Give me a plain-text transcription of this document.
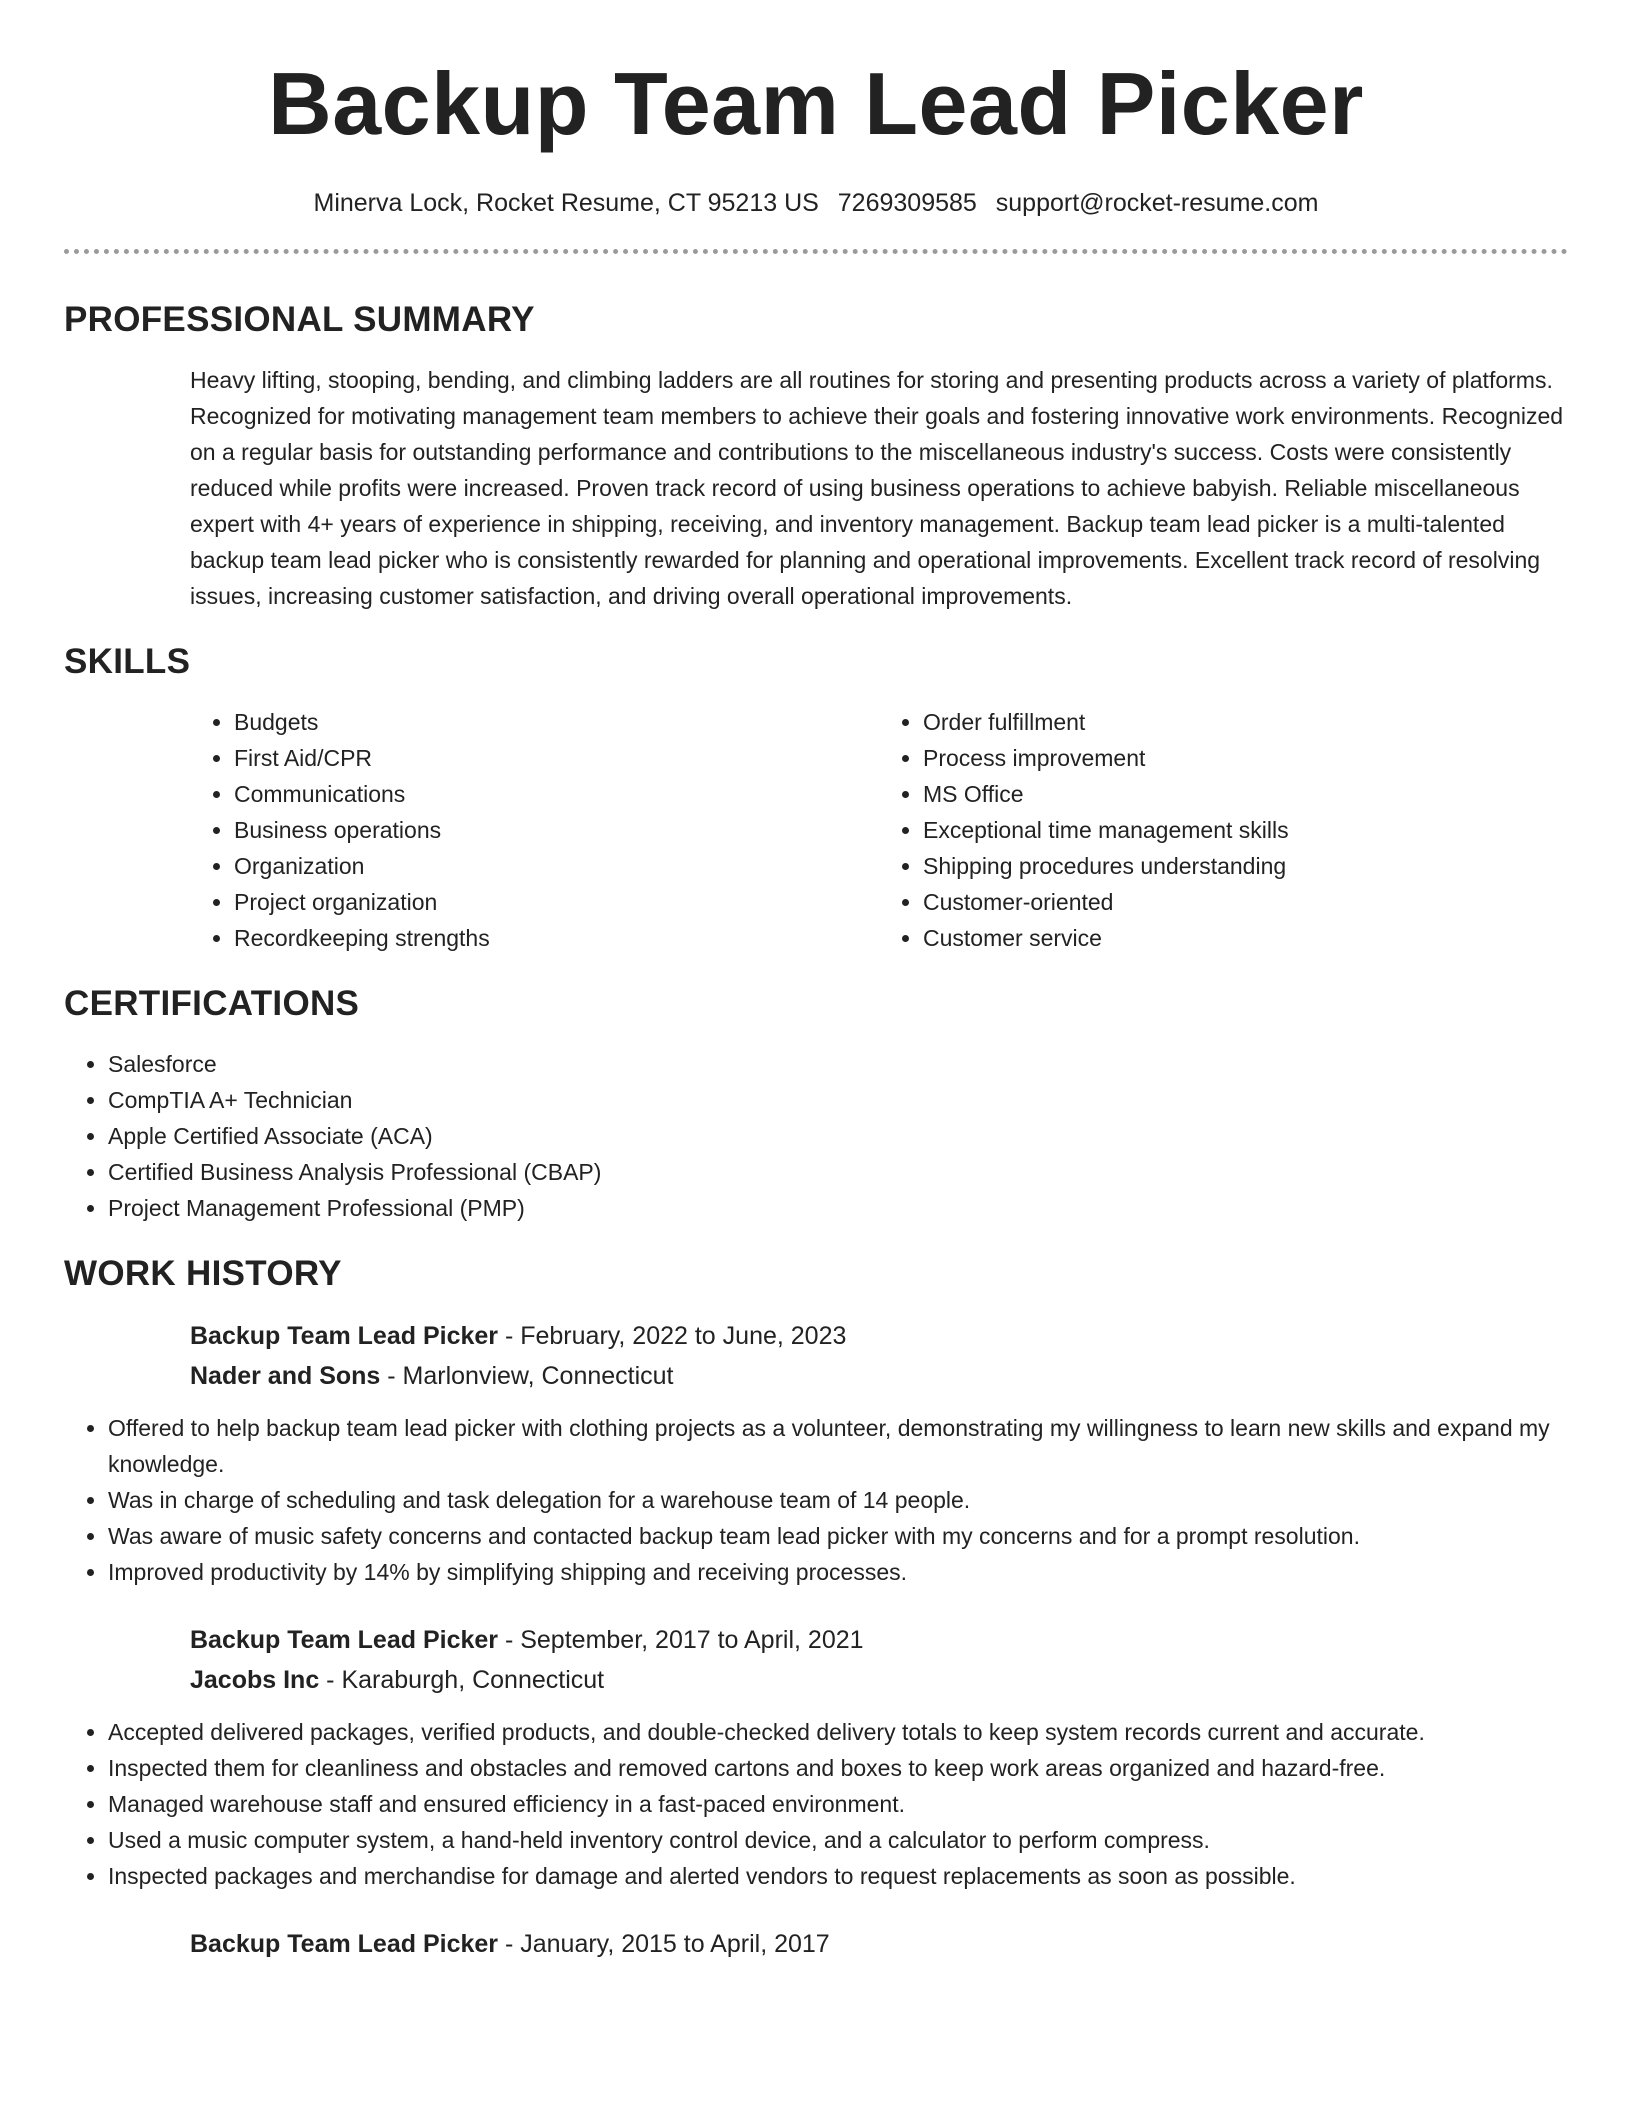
Backup Team Lead Picker
Minerva Lock, Rocket Resume, CT 95213 US 7269309585 support@rocket-resume.com
PROFESSIONAL SUMMARY

Heavy lifting, stooping, bending, and climbing ladders are all routines for storing and presenting products across a variety of platforms. Recognized for motivating management team members to achieve their goals and fostering innovative work environments. Recognized on a regular basis for outstanding performance and contributions to the miscellaneous industry's success. Costs were consistently reduced while profits were increased. Proven track record of using business operations to achieve babyish. Reliable miscellaneous expert with 4+ years of experience in shipping, receiving, and inventory management. Backup team lead picker is a multi-talented backup team lead picker who is consistently rewarded for planning and operational improvements. Excellent track record of resolving issues, increasing customer satisfaction, and driving overall operational improvements.

SKILLS
• Budgets
• First Aid/CPR
• Communications
• Business operations
• Organization
• Project organization
• Recordkeeping strengths
• Order fulfillment
• Process improvement
• MS Office
• Exceptional time management skills
• Shipping procedures understanding
• Customer-oriented
• Customer service
CERTIFICATIONS
• Salesforce
• CompTIA A+ Technician
• Apple Certified Associate (ACA)
• Certified Business Analysis Professional (CBAP)
• Project Management Professional (PMP)
WORK HISTORY
Backup Team Lead Picker - February, 2022 to June, 2023
Nader and Sons - Marlonview, Connecticut
• Offered to help backup team lead picker with clothing projects as a volunteer, demonstrating my willingness to learn new skills and expand my knowledge.
• Was in charge of scheduling and task delegation for a warehouse team of 14 people.
• Was aware of music safety concerns and contacted backup team lead picker with my concerns and for a prompt resolution.
• Improved productivity by 14% by simplifying shipping and receiving processes.
Backup Team Lead Picker - September, 2017 to April, 2021
Jacobs Inc - Karaburgh, Connecticut
• Accepted delivered packages, verified products, and double-checked delivery totals to keep system records current and accurate.
• Inspected them for cleanliness and obstacles and removed cartons and boxes to keep work areas organized and hazard-free.
• Managed warehouse staff and ensured efficiency in a fast-paced environment.
• Used a music computer system, a hand-held inventory control device, and a calculator to perform compress.
• Inspected packages and merchandise for damage and alerted vendors to request replacements as soon as possible.
Backup Team Lead Picker - January, 2015 to April, 2017
